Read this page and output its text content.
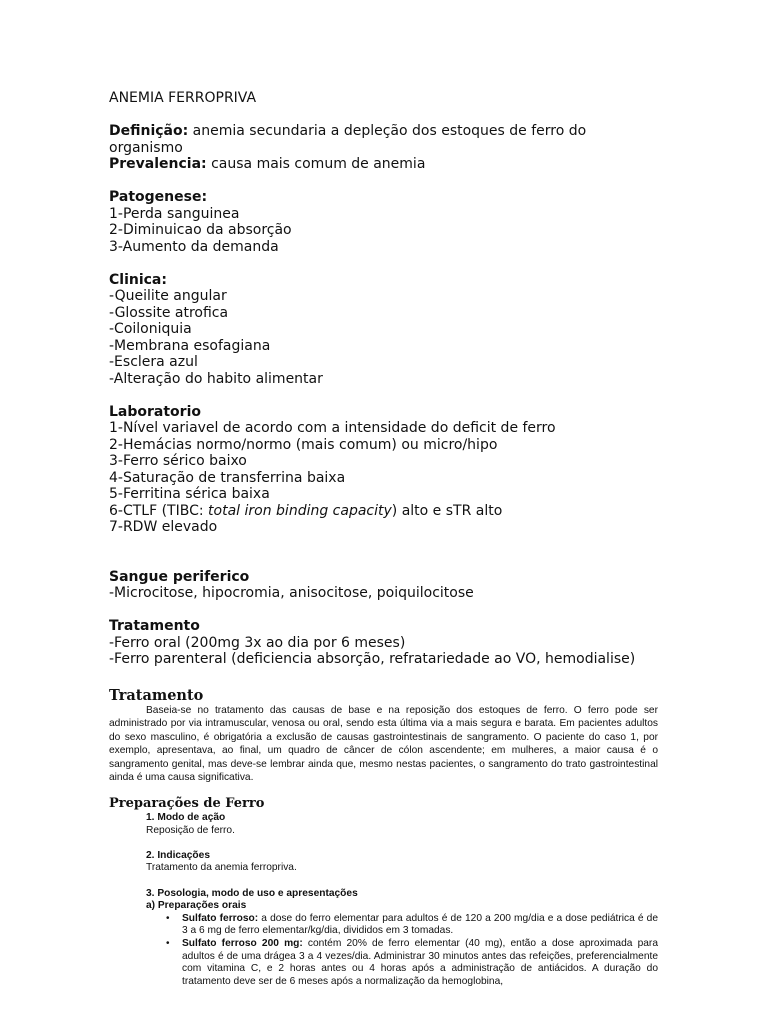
ANEMIA FERROPRIVA
Definição: anemia secundaria a depleção dos estoques de ferro do
organismo
Prevalencia: causa mais comum de anemia
Patogenese:
1-Perda sanguinea
2-Diminuicao da absorção
3-Aumento da demanda
Clinica:
-Queilite angular
-Glossite atrofica
-Coiloniquia
-Membrana esofagiana
-Esclera azul
-Alteração do habito alimentar
Laboratorio
1-Nível variavel de acordo com a intensidade do deficit de ferro
2-Hemácias normo/normo (mais comum) ou micro/hipo
3-Ferro sérico baixo
4-Saturação de transferrina baixa
5-Ferritina sérica baixa
6-CTLF (TIBC: total iron binding capacity) alto e sTR alto
7-RDW elevado
Sangue periferico
-Microcitose, hipocromia, anisocitose, poiquilocitose
Tratamento
-Ferro oral (200mg 3x ao dia por 6 meses)
-Ferro parenteral (deficiencia absorção, refratariedade ao VO, hemodialise)
Tratamento
Baseia-se no tratamento das causas de base e na reposição dos estoques de ferro. O ferro pode ser administrado por via intramuscular, venosa ou oral, sendo esta última via a mais segura e barata. Em pacientes adultos do sexo masculino, é obrigatória a exclusão de causas gastrointestinais de sangramento. O paciente do caso 1, por exemplo, apresentava, ao final, um quadro de câncer de cólon ascendente; em mulheres, a maior causa é o sangramento genital, mas deve-se lembrar ainda que, mesmo nestas pacientes, o sangramento do trato gastrointestinal ainda é uma causa significativa.
Preparações de Ferro
1. Modo de ação
Reposição de ferro.
2. Indicações
Tratamento da anemia ferropriva.
3. Posologia, modo de uso e apresentações
a) Preparações orais
• Sulfato ferroso: a dose do ferro elementar para adultos é de 120 a 200 mg/dia e a dose pediátrica é de 3 a 6 mg de ferro elementar/kg/dia, divididos em 3 tomadas.
• Sulfato ferroso 200 mg: contém 20% de ferro elementar (40 mg), então a dose aproximada para adultos é de uma drágea 3 a 4 vezes/dia. Administrar 30 minutos antes das refeições, preferencialmente com vitamina C, e 2 horas antes ou 4 horas após a administração de antiácidos. A duração do tratamento deve ser de 6 meses após a normalização da hemoglobina,
